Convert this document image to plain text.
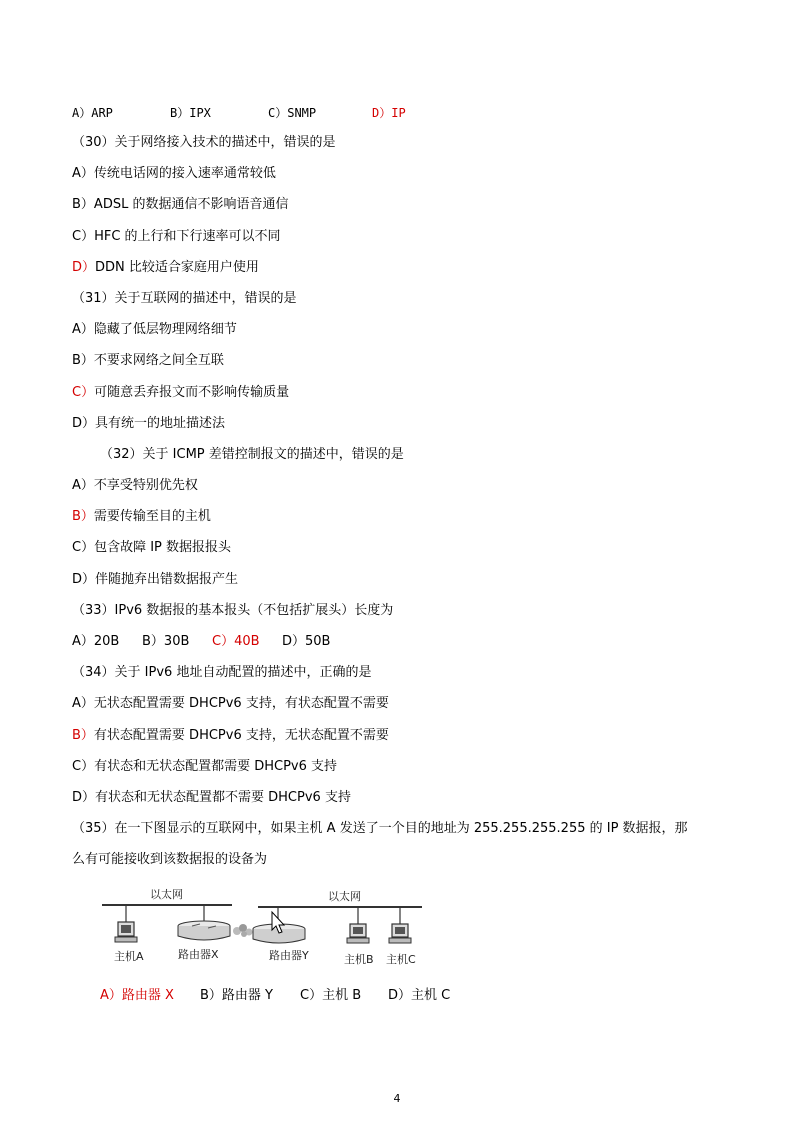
A）ARP	B）IPX	C）SNMP	D）IP
（30）关于网络接入技术的描述中，错误的是
A）传统电话网的接入速率通常较低
B）ADSL 的数据通信不影响语音通信
C）HFC 的上行和下行速率可以不同
D）DDN 比较适合家庭用户使用
（31）关于互联网的描述中，错误的是
A）隐藏了低层物理网络细节
B）不要求网络之间全互联
C）可随意丢弃报文而不影响传输质量
D）具有统一的地址描述法
（32）关于 ICMP 差错控制报文的描述中，错误的是
A）不享受特别优先权
B）需要传输至目的主机
C）包含故障 IP 数据报报头
D）伴随抛弃出错数据报产生
（33）IPv6 数据报的基本报头（不包括扩展头）长度为
A）20B B）30B C）40B D）50B
（34）关于 IPv6 地址自动配置的描述中，正确的是
A）无状态配置需要 DHCPv6 支持，有状态配置不需要
B）有状态配置需要 DHCPv6 支持，无状态配置不需要
C）有状态和无状态配置都需要 DHCPv6 支持
D）有状态和无状态配置都不需要 DHCPv6 支持
（35）在一下图显示的互联网中，如果主机 A 发送了一个目的地址为 255.255.255.255 的 IP 数据报，那
么有可能接收到该数据报的设备为
以太网	以太网
主机A	路由器X	路由器Y	主机B 主机C
A）路由器 X B）路由器 Y C）主机 B D）主机 C
4
